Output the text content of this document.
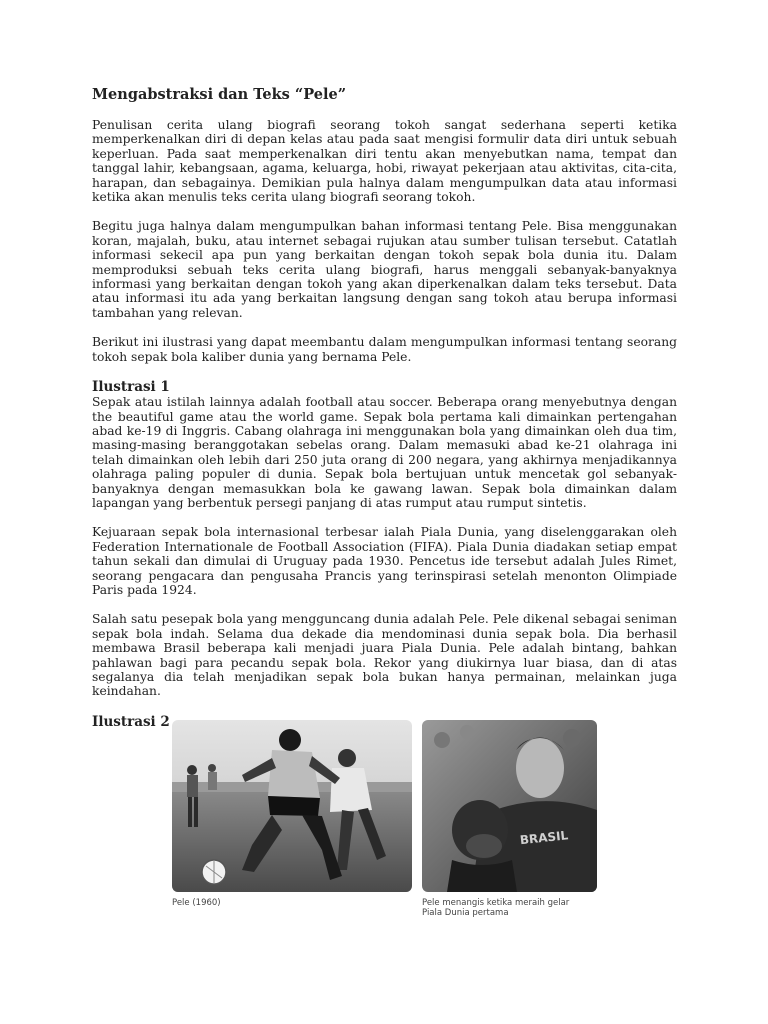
Mengabstraksi dan Teks “Pele”

Penulisan cerita ulang biografi seorang tokoh sangat sederhana seperti ketika memperkenalkan diri di depan kelas atau pada saat mengisi formulir data diri untuk sebuah keperluan. Pada saat memperkenalkan diri tentu akan menyebutkan nama, tempat dan tanggal lahir, kebangsaan, agama, keluarga, hobi, riwayat pekerjaan atau aktivitas, cita-cita, harapan, dan sebagainya. Demikian pula halnya dalam mengumpulkan data atau informasi ketika akan menulis teks cerita ulang biografi seorang tokoh.

Begitu juga halnya dalam mengumpulkan bahan informasi tentang Pele. Bisa menggunakan koran, majalah, buku, atau internet sebagai rujukan atau sumber tulisan tersebut. Catatlah informasi sekecil apa pun yang berkaitan dengan tokoh sepak bola dunia itu. Dalam memproduksi sebuah teks cerita ulang biografi, harus menggali sebanyak-banyaknya informasi yang berkaitan dengan tokoh yang akan diperkenalkan dalam teks tersebut. Data atau informasi itu ada yang berkaitan langsung dengan sang tokoh atau berupa informasi tambahan yang relevan.

Berikut ini ilustrasi yang dapat meembantu dalam mengumpulkan informasi tentang seorang tokoh sepak bola kaliber dunia yang bernama Pele.

Ilustrasi 1

Sepak atau istilah lainnya adalah football atau soccer. Beberapa orang menyebutnya dengan the beautiful game atau the world game. Sepak bola pertama kali dimainkan pertengahan abad ke-19 di Inggris. Cabang olahraga ini menggunakan bola yang dimainkan oleh dua tim, masing-masing beranggotakan sebelas orang. Dalam memasuki abad ke-21 olahraga ini telah dimainkan oleh lebih dari 250 juta orang di 200 negara, yang akhirnya menjadikannya olahraga paling populer di dunia. Sepak bola bertujuan untuk mencetak gol sebanyak-banyaknya dengan memasukkan bola ke gawang lawan. Sepak bola dimainkan dalam lapangan yang berbentuk persegi panjang di atas rumput atau rumput sintetis.

Kejuaraan sepak bola internasional terbesar ialah Piala Dunia, yang diselenggarakan oleh Federation Internationale de Football Association (FIFA). Piala Dunia diadakan setiap empat tahun sekali dan dimulai di Uruguay pada 1930. Pencetus ide tersebut adalah Jules Rimet, seorang pengacara dan pengusaha Prancis yang terinspirasi setelah menonton Olimpiade Paris pada 1924.

Salah satu pesepak bola yang mengguncang dunia adalah Pele. Pele dikenal sebagai seniman sepak bola indah. Selama dua dekade dia mendominasi dunia sepak bola. Dia berhasil membawa Brasil beberapa kali menjadi juara Piala Dunia. Pele adalah bintang, bahkan pahlawan bagi para pecandu sepak bola. Rekor yang diukirnya luar biasa, dan di atas segalanya dia telah menjadikan sepak bola bukan hanya permainan, melainkan juga keindahan.

Ilustrasi 2
Pele (1960)
BRASIL
Pele menangis ketika meraih gelar Piala Dunia pertama
